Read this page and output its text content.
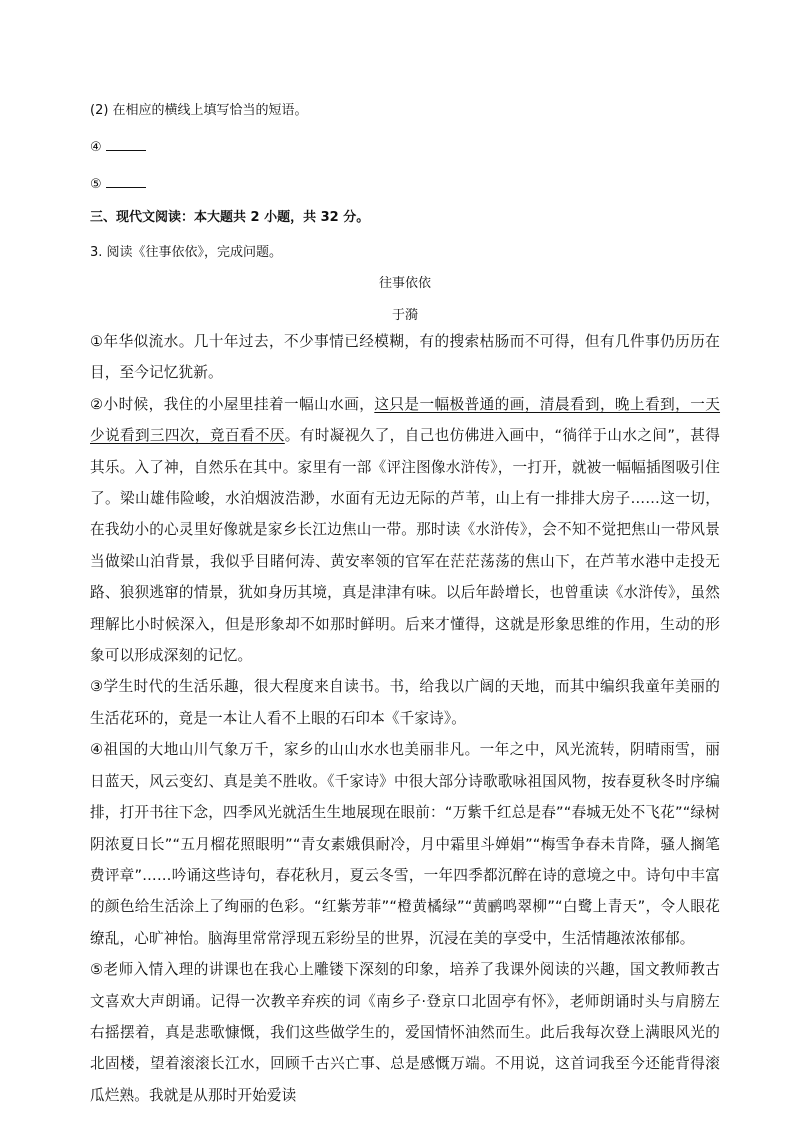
(2) 在相应的横线上填写恰当的短语。

④

⑤

三、现代文阅读：本大题共 2 小题，共 32 分。

3. 阅读《往事依依》，完成问题。

往事依依

于漪

①年华似流水。几十年过去，不少事情已经模糊，有的搜索枯肠而不可得，但有几件事仍历历在目，至今记忆犹新。

②小时候，我住的小屋里挂着一幅山水画，这只是一幅极普通的画，清晨看到，晚上看到，一天少说看到三四次，竟百看不厌。有时凝视久了，自己也仿佛进入画中，“徜徉于山水之间”，甚得其乐。入了神，自然乐在其中。家里有一部《评注图像水浒传》，一打开，就被一幅幅插图吸引住了。梁山雄伟险峻，水泊烟波浩渺，水面有无边无际的芦苇，山上有一排排大房子……这一切，在我幼小的心灵里好像就是家乡长江边焦山一带。那时读《水浒传》，会不知不觉把焦山一带风景当做梁山泊背景，我似乎目睹何涛、黄安率领的官军在茫茫荡荡的焦山下，在芦苇水港中走投无路、狼狈逃窜的情景，犹如身历其境，真是津津有味。以后年龄增长，也曾重读《水浒传》，虽然理解比小时候深入，但是形象却不如那时鲜明。后来才懂得，这就是形象思维的作用，生动的形象可以形成深刻的记忆。

③学生时代的生活乐趣，很大程度来自读书。书，给我以广阔的天地，而其中编织我童年美丽的生活花环的，竟是一本让人看不上眼的石印本《千家诗》。

④祖国的大地山川气象万千，家乡的山山水水也美丽非凡。一年之中，风光流转，阴晴雨雪，丽日蓝天，风云变幻、真是美不胜收。《千家诗》中很大部分诗歌歌咏祖国风物，按春夏秋冬时序编排，打开书往下念，四季风光就活生生地展现在眼前：“万紫千红总是春”“春城无处不飞花”“绿树阴浓夏日长”“五月榴花照眼明”“青女素娥俱耐冷，月中霜里斗婵娟”“梅雪争春未肯降，骚人搁笔费评章”……吟诵这些诗句，春花秋月，夏云冬雪，一年四季都沉醉在诗的意境之中。诗句中丰富的颜色给生活涂上了绚丽的色彩。“红紫芳菲”“橙黄橘绿”“黄鹂鸣翠柳”“白鹭上青天”，令人眼花缭乱，心旷神怡。脑海里常常浮现五彩纷呈的世界，沉浸在美的享受中，生活情趣浓浓郁郁。

⑤老师入情入理的讲课也在我心上雕镂下深刻的印象，培养了我课外阅读的兴趣，国文教师教古文喜欢大声朗诵。记得一次教辛弃疾的词《南乡子·登京口北固亭有怀》，老师朗诵时头与肩膀左右摇摆着，真是悲歌慷慨，我们这些做学生的，爱国情怀油然而生。此后我每次登上满眼风光的北固楼，望着滚滚长江水，回顾千古兴亡事、总是感慨万端。不用说，这首词我至今还能背得滚瓜烂熟。我就是从那时开始爱读
